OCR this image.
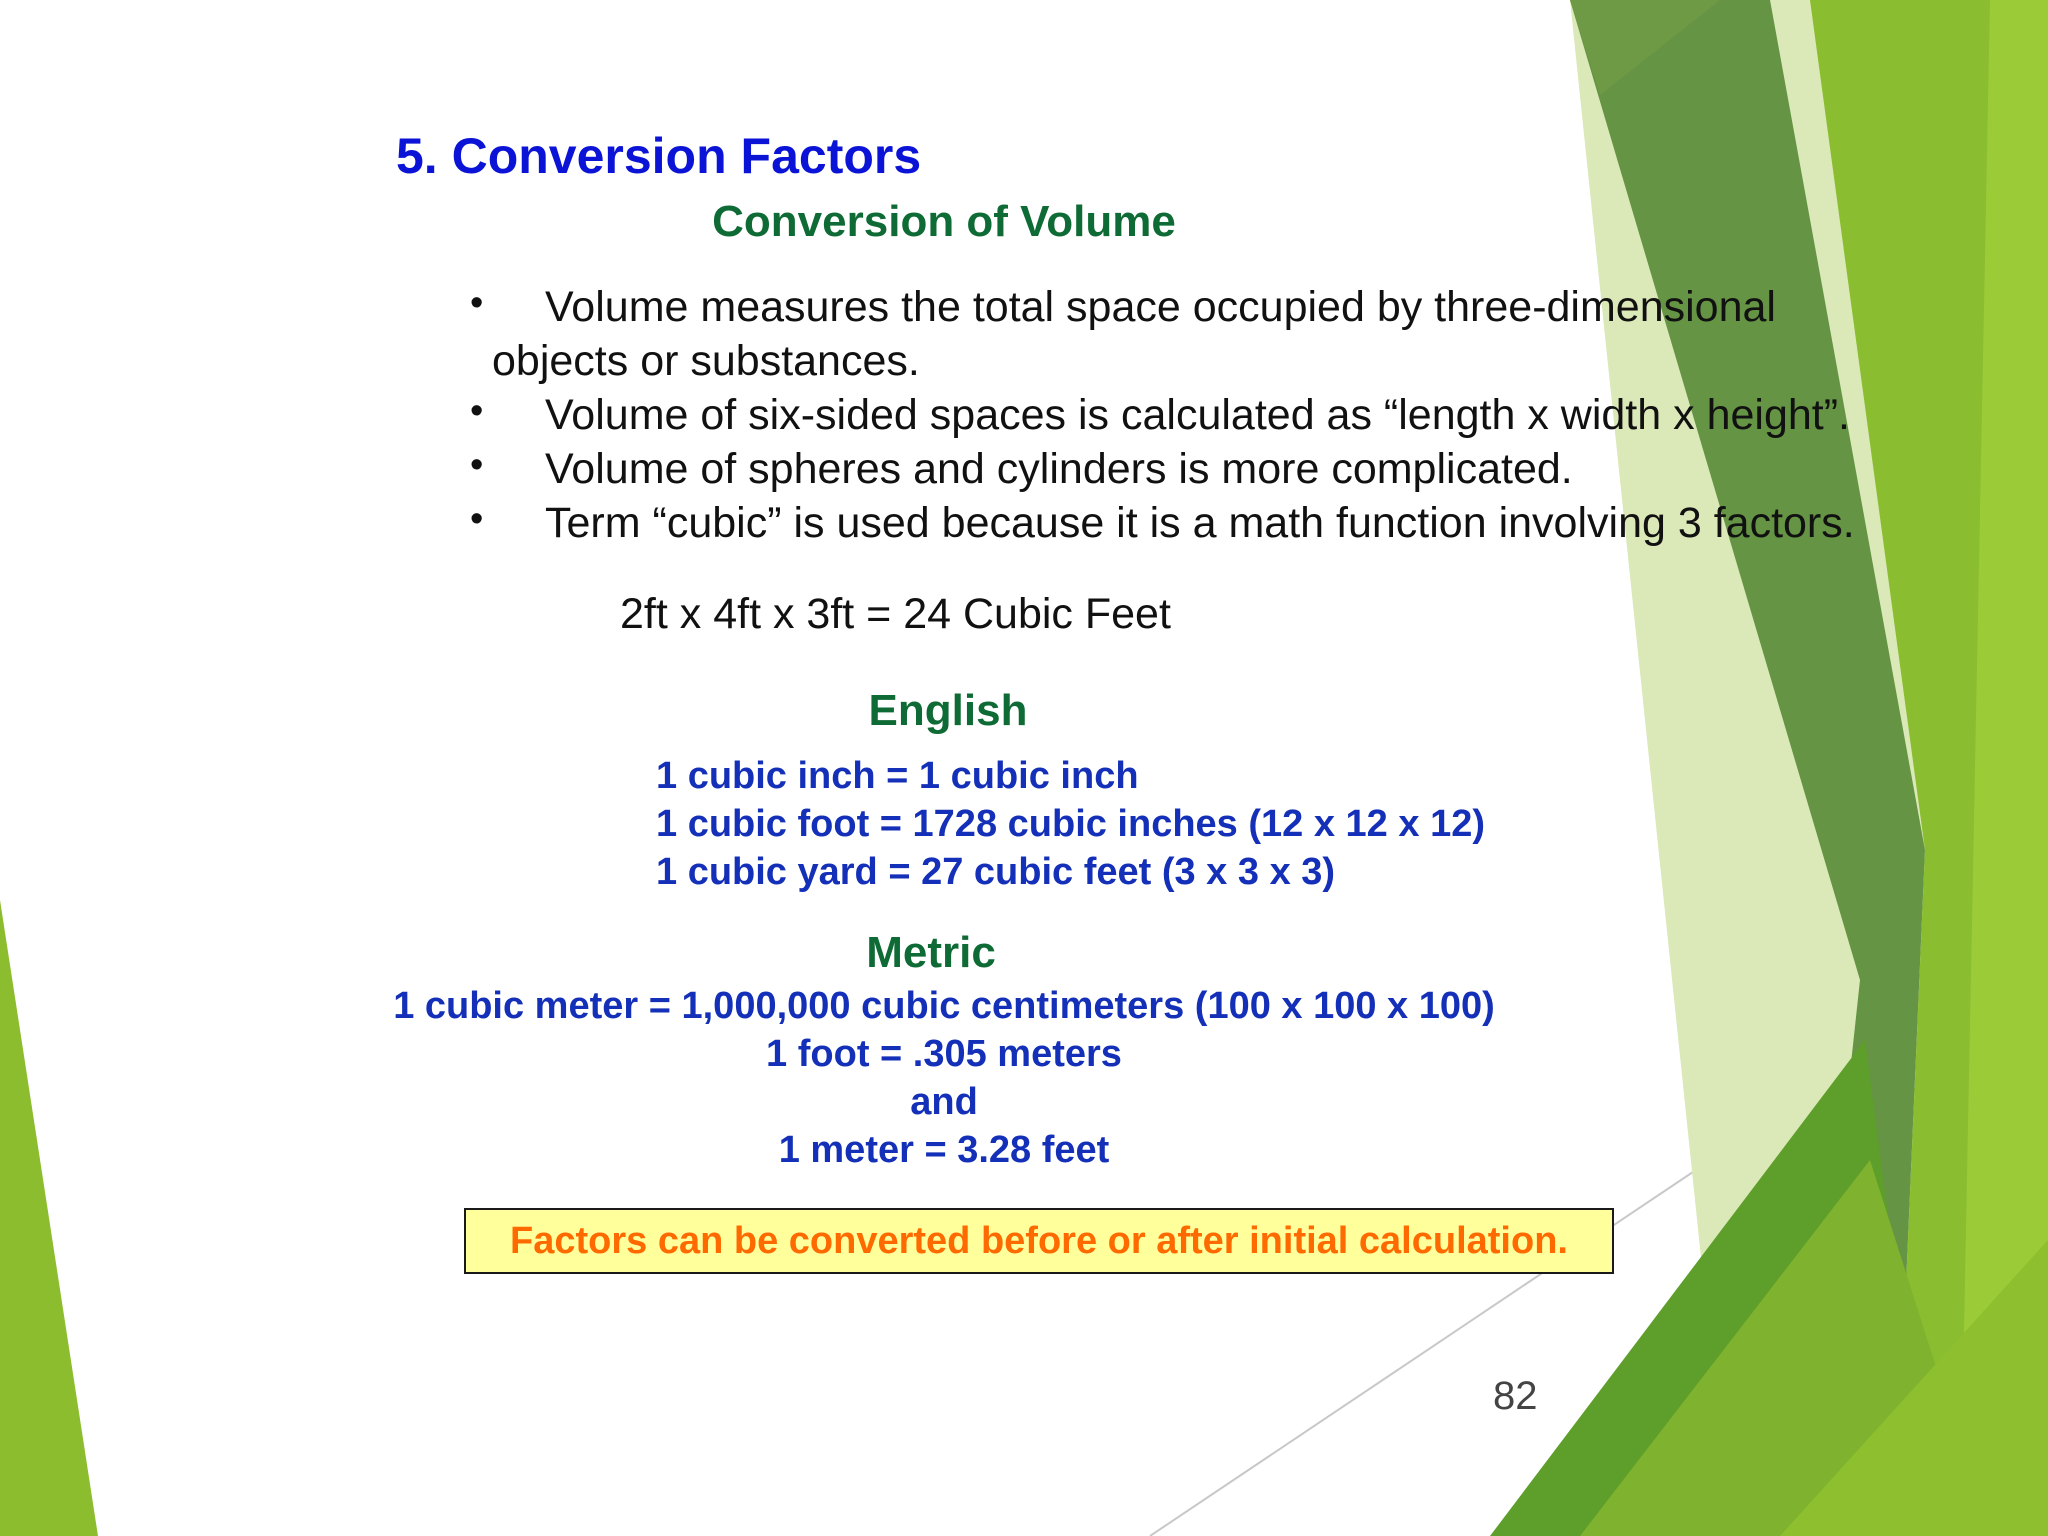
5. Conversion Factors
Conversion of Volume
• Volume measures the total space occupied by three-dimensional
objects or substances.
• Volume of six-sided spaces is calculated as “length x width x height”.
• Volume of spheres and cylinders is more complicated.
• Term “cubic” is used because it is a math function involving 3 factors.

2ft x 4ft x 3ft = 24 Cubic Feet

English
1 cubic inch = 1 cubic inch
1 cubic foot = 1728 cubic inches (12 x 12 x 12)
1 cubic yard = 27 cubic feet (3 x 3 x 3)
Metric
1 cubic meter = 1,000,000 cubic centimeters (100 x 100 x 100)
1 foot = .305 meters
and
1 meter = 3.28 feet
Factors can be converted before or after initial calculation.

82
